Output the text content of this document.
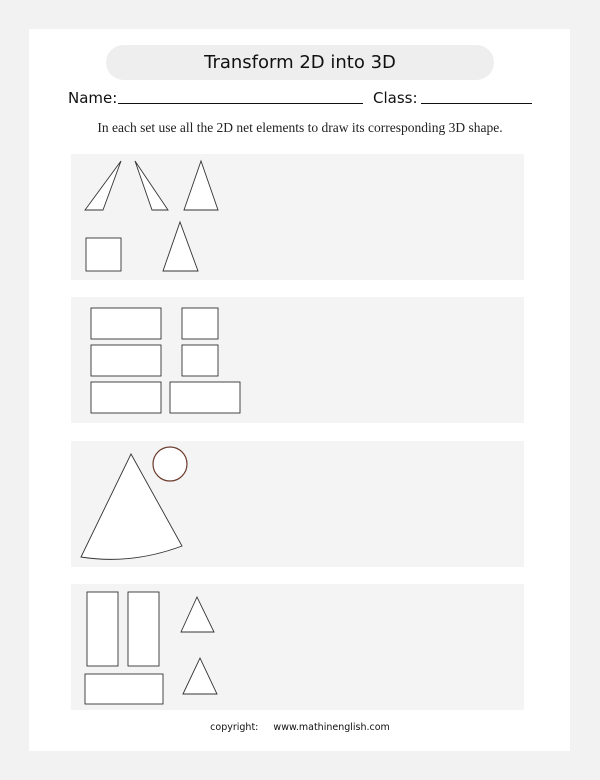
Transform 2D into 3D
Name:	Class:
In each set use all the 2D net elements to draw its corresponding 3D shape.
copyright: www.mathinenglish.com
